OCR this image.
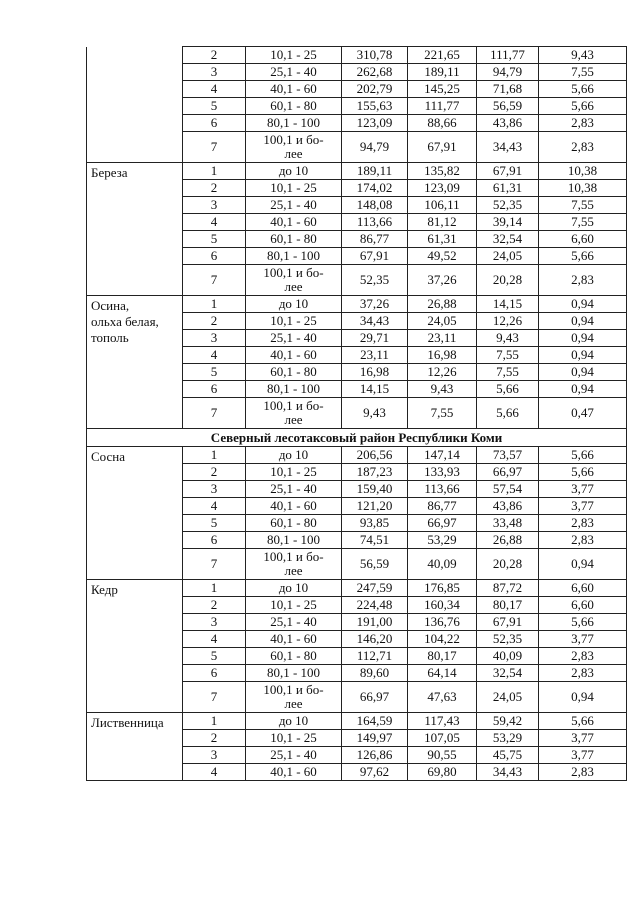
	2	10,1 - 25	310,78	221,65	111,77	9,43
	3	25,1 - 40	262,68	189,11	94,79	7,55
	4	40,1 - 60	202,79	145,25	71,68	5,66
	5	60,1 - 80	155,63	111,77	56,59	5,66
	6	80,1 - 100	123,09	88,66	43,86	2,83
	7	100,1 и бо-
лее	94,79	67,91	34,43	2,83
Береза	1	до 10	189,11	135,82	67,91	10,38
	2	10,1 - 25	174,02	123,09	61,31	10,38
	3	25,1 - 40	148,08	106,11	52,35	7,55
	4	40,1 - 60	113,66	81,12	39,14	7,55
	5	60,1 - 80	86,77	61,31	32,54	6,60
	6	80,1 - 100	67,91	49,52	24,05	5,66
	7	100,1 и бо-
лее	52,35	37,26	20,28	2,83
Осина,
ольха белая,
тополь	1	до 10	37,26	26,88	14,15	0,94
	2	10,1 - 25	34,43	24,05	12,26	0,94
	3	25,1 - 40	29,71	23,11	9,43	0,94
	4	40,1 - 60	23,11	16,98	7,55	0,94
	5	60,1 - 80	16,98	12,26	7,55	0,94
	6	80,1 - 100	14,15	9,43	5,66	0,94
	7	100,1 и бо-
лее	9,43	7,55	5,66	0,47
Северный лесотаксовый район Республики Коми						
Сосна	1	до 10	206,56	147,14	73,57	5,66
	2	10,1 - 25	187,23	133,93	66,97	5,66
	3	25,1 - 40	159,40	113,66	57,54	3,77
	4	40,1 - 60	121,20	86,77	43,86	3,77
	5	60,1 - 80	93,85	66,97	33,48	2,83
	6	80,1 - 100	74,51	53,29	26,88	2,83
	7	100,1 и бо-
лее	56,59	40,09	20,28	0,94
Кедр	1	до 10	247,59	176,85	87,72	6,60
	2	10,1 - 25	224,48	160,34	80,17	6,60
	3	25,1 - 40	191,00	136,76	67,91	5,66
	4	40,1 - 60	146,20	104,22	52,35	3,77
	5	60,1 - 80	112,71	80,17	40,09	2,83
	6	80,1 - 100	89,60	64,14	32,54	2,83
	7	100,1 и бо-
лее	66,97	47,63	24,05	0,94
Лиственница	1	до 10	164,59	117,43	59,42	5,66
	2	10,1 - 25	149,97	107,05	53,29	3,77
	3	25,1 - 40	126,86	90,55	45,75	3,77
	4	40,1 - 60	97,62	69,80	34,43	2,83
